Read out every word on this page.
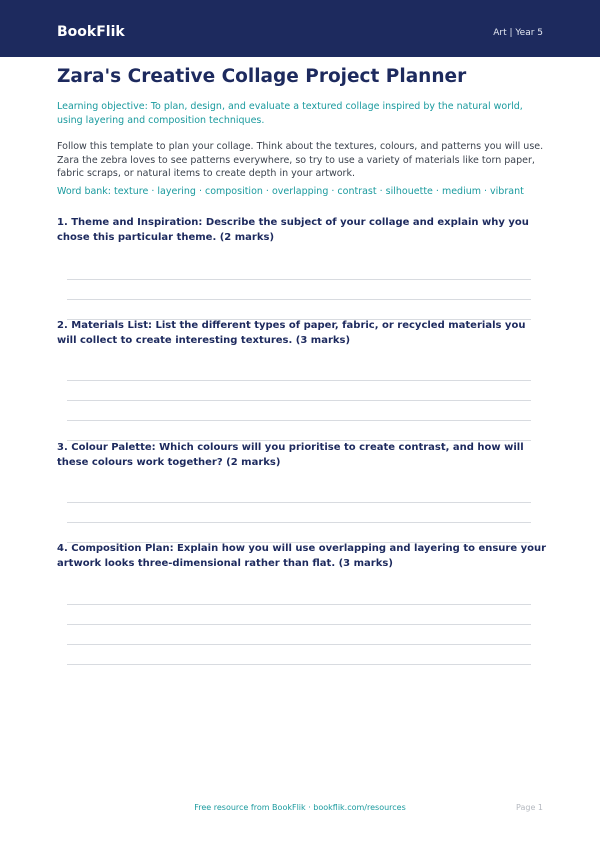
BookFlik	Art | Year 5
Zara's Creative Collage Project Planner

Learning objective: To plan, design, and evaluate a textured collage inspired by the natural world, using layering and composition techniques.

Follow this template to plan your collage. Think about the textures, colours, and patterns you will use. Zara the zebra loves to see patterns everywhere, so try to use a variety of materials like torn paper, fabric scraps, or natural items to create depth in your artwork.

Word bank: texture · layering · composition · overlapping · contrast · silhouette · medium · vibrant

1. Theme and Inspiration: Describe the subject of your collage and explain why you chose this particular theme. (2 marks)

2. Materials List: List the different types of paper, fabric, or recycled materials you will collect to create interesting textures. (3 marks)

3. Colour Palette: Which colours will you prioritise to create contrast, and how will these colours work together? (2 marks)

4. Composition Plan: Explain how you will use overlapping and layering to ensure your artwork looks three-dimensional rather than flat. (3 marks)

Free resource from BookFlik · bookflik.com/resources	Page 1
